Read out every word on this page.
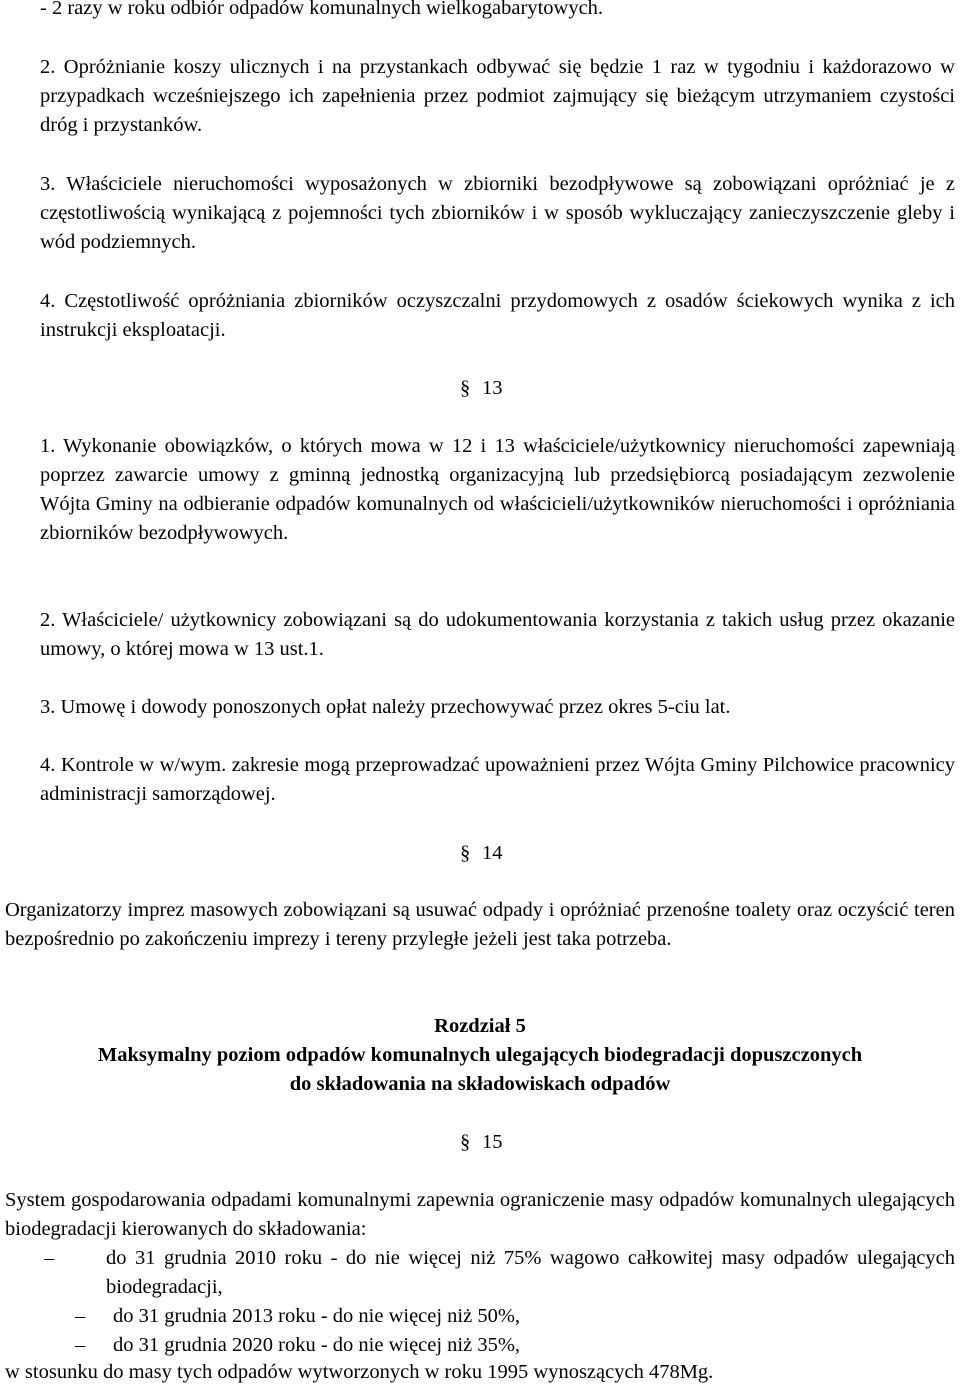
- 2 razy w roku odbiór odpadów komunalnych wielkogabarytowych.

2. Opróżnianie koszy ulicznych i na przystankach odbywać się będzie 1 raz w tygodniu i każdorazowo w przypadkach wcześniejszego ich zapełnienia przez podmiot zajmujący się bieżącym utrzymaniem czystości dróg i przystanków.

3. Właściciele nieruchomości wyposażonych w zbiorniki bezodpływowe są zobowiązani opróżniać je z częstotliwością wynikającą z pojemności tych zbiorników i w sposób wykluczający zanieczyszczenie gleby i wód podziemnych.

4. Częstotliwość opróżniania zbiorników oczyszczalni przydomowych z osadów ściekowych wynika z ich instrukcji eksploatacji.

§ 13

1. Wykonanie obowiązków, o których mowa w 12 i 13 właściciele/użytkownicy nieruchomości zapewniają poprzez zawarcie umowy z gminną jednostką organizacyjną lub przedsiębiorcą posiadającym zezwolenie Wójta Gminy na odbieranie odpadów komunalnych od właścicieli/użytkowników nieruchomości i opróżniania zbiorników bezodpływowych.

2. Właściciele/ użytkownicy zobowiązani są do udokumentowania korzystania z takich usług przez okazanie umowy, o której mowa w 13 ust.1.

3. Umowę i dowody ponoszonych opłat należy przechowywać przez okres 5-ciu lat.

4. Kontrole w w/wym. zakresie mogą przeprowadzać upoważnieni przez Wójta Gminy Pilchowice pracownicy administracji samorządowej.

§ 14

Organizatorzy imprez masowych zobowiązani są usuwać odpady i opróżniać przenośne toalety oraz oczyścić teren bezpośrednio po zakończeniu imprezy i tereny przyległe jeżeli jest taka potrzeba.

Rozdział 5
Maksymalny poziom odpadów komunalnych ulegających biodegradacji dopuszczonych
do składowania na składowiskach odpadów
§ 15

System gospodarowania odpadami komunalnymi zapewnia ograniczenie masy odpadów komunalnych ulegających biodegradacji kierowanych do składowania:

–	do 31 grudnia 2010 roku - do nie więcej niż 75% wagowo całkowitej masy odpadów ulegających biodegradacji,

– do 31 grudnia 2013 roku - do nie więcej niż 50%,

– do 31 grudnia 2020 roku - do nie więcej niż 35%,

w stosunku do masy tych odpadów wytworzonych w roku 1995 wynoszących 478Mg.
